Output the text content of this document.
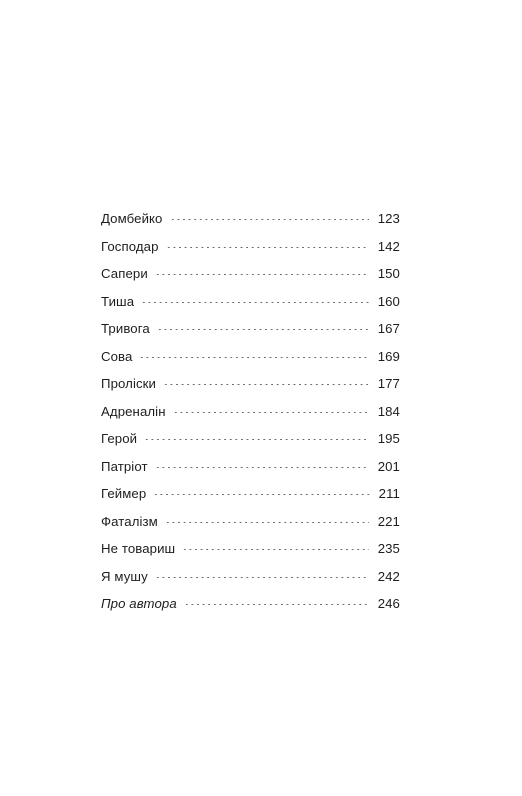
Домбейко	123
Господар	142
Сапери	150
Тиша	160
Тривога	167
Сова	169
Проліски	177
Адреналін	184
Герой	195
Патріот	201
Геймер	211
Фаталізм	221
Не товариш	235
Я мушу	242
Про автора	246
